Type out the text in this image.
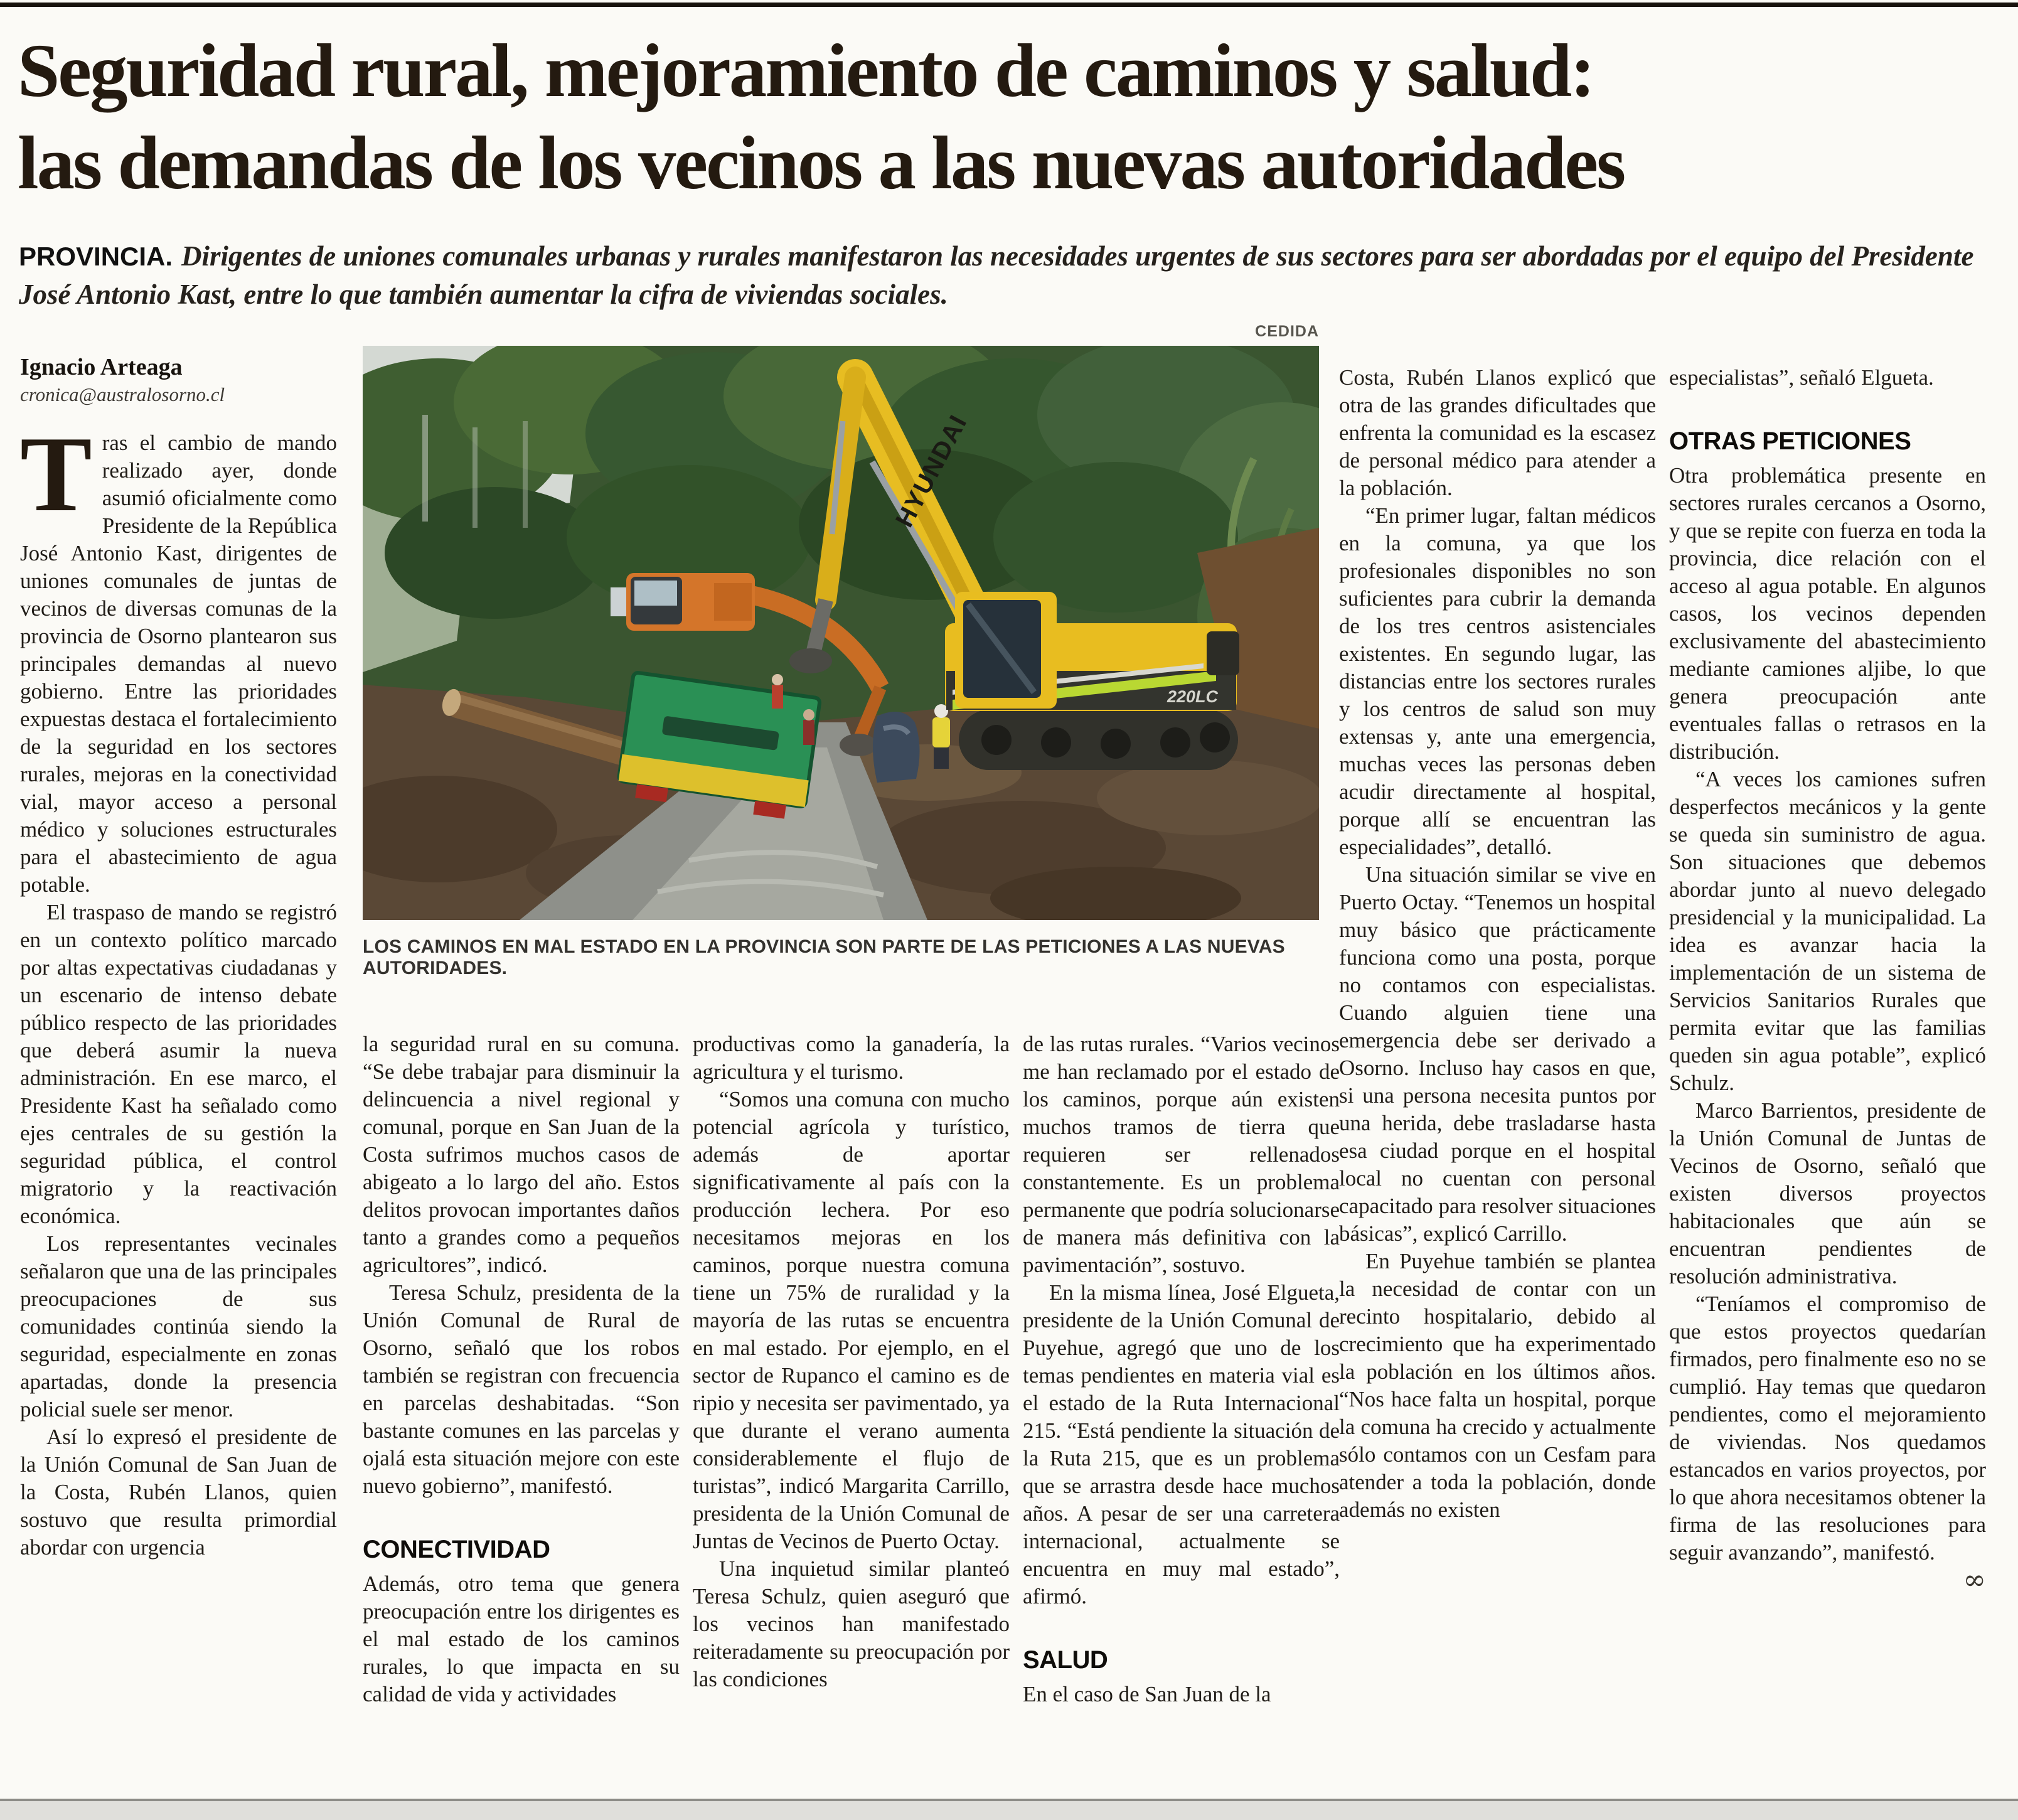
Seguridad rural, mejoramiento de caminos y salud:
las demandas de los vecinos a las nuevas autoridades

PROVINCIA. Dirigentes de uniones comunales urbanas y rurales manifestaron las necesidades urgentes de sus sectores para ser abordadas por el equipo del Presidente José Antonio Kast, entre lo que también aumentar la cifra de viviendas sociales.

Ignacio Arteaga
cronica@australosorno.cl

Tras el cambio de mando realizado ayer, donde asumió oficialmente como Presidente de la República José Antonio Kast, dirigentes de uniones comunales de juntas de vecinos de diversas comunas de la provincia de Osorno plantearon sus principales demandas al nuevo gobierno. Entre las prioridades expuestas destaca el fortalecimiento de la seguridad en los sectores rurales, mejoras en la conectividad vial, mayor acceso a personal médico y soluciones estructurales para el abastecimiento de agua potable.

El traspaso de mando se registró en un contexto político marcado por altas expectativas ciudadanas y un escenario de intenso debate público respecto de las prioridades que deberá asumir la nueva administración. En ese marco, el Presidente Kast ha señalado como ejes centrales de su gestión la seguridad pública, el control migratorio y la reactivación económica.

Los representantes vecinales señalaron que una de las principales preocupaciones de sus comunidades continúa siendo la seguridad, especialmente en zonas apartadas, donde la presencia policial suele ser menor.

Así lo expresó el presidente de la Unión Comunal de San Juan de la Costa, Rubén Llanos, quien sostuvo que resulta primordial abordar con urgencia

CEDIDA
HYUNDAI
220LC
LOS CAMINOS EN MAL ESTADO EN LA PROVINCIA SON PARTE DE LAS PETICIONES A LAS NUEVAS AUTORIDADES.

la seguridad rural en su comuna. “Se debe trabajar para disminuir la delincuencia a nivel regional y comunal, porque en San Juan de la Costa sufrimos muchos casos de abigeato a lo largo del año. Estos delitos provocan importantes daños tanto a grandes como a pequeños agricultores”, indicó.

Teresa Schulz, presidenta de la Unión Comunal de Rural de Osorno, señaló que los robos también se registran con frecuencia en parcelas deshabitadas. “Son bastante comunes en las parcelas y ojalá esta situación mejore con este nuevo gobierno”, manifestó.

CONECTIVIDAD

Además, otro tema que genera preocupación entre los dirigentes es el mal estado de los caminos rurales, lo que impacta en su calidad de vida y actividades

productivas como la ganadería, la agricultura y el turismo.

“Somos una comuna con mucho potencial agrícola y turístico, además de aportar significativamente al país con la producción lechera. Por eso necesitamos mejoras en los caminos, porque nuestra comuna tiene un 75% de ruralidad y la mayoría de las rutas se encuentra en mal estado. Por ejemplo, en el sector de Rupanco el camino es de ripio y necesita ser pavimentado, ya que durante el verano aumenta considerablemente el flujo de turistas”, indicó Margarita Carrillo, presidenta de la Unión Comunal de Juntas de Vecinos de Puerto Octay.

Una inquietud similar planteó Teresa Schulz, quien aseguró que los vecinos han manifestado reiteradamente su preocupación por las condiciones

de las rutas rurales. “Varios vecinos me han reclamado por el estado de los caminos, porque aún existen muchos tramos de tierra que requieren ser rellenados constantemente. Es un problema permanente que podría solucionarse de manera más definitiva con la pavimentación”, sostuvo.

En la misma línea, José Elgueta, presidente de la Unión Comunal de Puyehue, agregó que uno de los temas pendientes en materia vial es el estado de la Ruta Internacional 215. “Está pendiente la situación de la Ruta 215, que es un problema que se arrastra desde hace muchos años. A pesar de ser una carretera internacional, actualmente se encuentra en muy mal estado”, afirmó.

SALUD

En el caso de San Juan de la

Costa, Rubén Llanos explicó que otra de las grandes dificultades que enfrenta la comunidad es la escasez de personal médico para atender a la población.

“En primer lugar, faltan médicos en la comuna, ya que los profesionales disponibles no son suficientes para cubrir la demanda de los tres centros asistenciales existentes. En segundo lugar, las distancias entre los sectores rurales y los centros de salud son muy extensas y, ante una emergencia, muchas veces las personas deben acudir directamente al hospital, porque allí se encuentran las especialidades”, detalló.

Una situación similar se vive en Puerto Octay. “Tenemos un hospital muy básico que prácticamente funciona como una posta, porque no contamos con especialistas. Cuando alguien tiene una emergencia debe ser derivado a Osorno. Incluso hay casos en que, si una persona necesita puntos por una herida, debe trasladarse hasta esa ciudad porque en el hospital local no cuentan con personal capacitado para resolver situaciones básicas”, explicó Carrillo.

En Puyehue también se plantea la necesidad de contar con un recinto hospitalario, debido al crecimiento que ha experimentado la población en los últimos años. “Nos hace falta un hospital, porque la comuna ha crecido y actualmente sólo contamos con un Cesfam para atender a toda la población, donde además no existen

especialistas”, señaló Elgueta.

OTRAS PETICIONES

Otra problemática presente en sectores rurales cercanos a Osorno, y que se repite con fuerza en toda la provincia, dice relación con el acceso al agua potable. En algunos casos, los vecinos dependen exclusivamente del abastecimiento mediante camiones aljibe, lo que genera preocupación ante eventuales fallas o retrasos en la distribución.

“A veces los camiones sufren desperfectos mecánicos y la gente se queda sin suministro de agua. Son situaciones que debemos abordar junto al nuevo delegado presidencial y la municipalidad. La idea es avanzar hacia la implementación de un sistema de Servicios Sanitarios Rurales que permita evitar que las familias queden sin agua potable”, explicó Schulz.

Marco Barrientos, presidente de la Unión Comunal de Juntas de Vecinos de Osorno, señaló que existen diversos proyectos habitacionales que aún se encuentran pendientes de resolución administrativa.

“Teníamos el compromiso de que estos proyectos quedarían firmados, pero finalmente eso no se cumplió. Hay temas que quedaron pendientes, como el mejoramiento de viviendas. Nos quedamos estancados en varios proyectos, por lo que ahora necesitamos obtener la firma de las resoluciones para seguir avanzando”, manifestó.

∞
